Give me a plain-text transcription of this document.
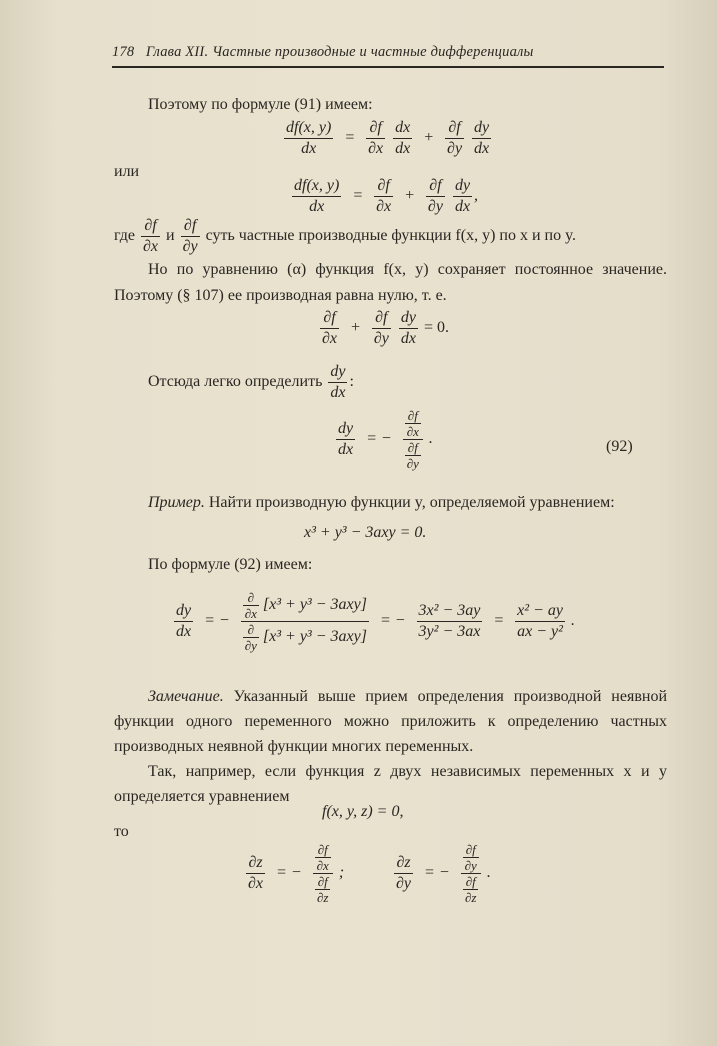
178 Глава XII. Частные производные и частные дифференциалы
Поэтому по формуле (91) имеем:
$\frac{df(x, y)}{dx} = \frac{\partial f}{\partial x}$
$\frac{dx}{dx} + \frac{\partial f}{\partial y}$
$\frac{dy}{dx}$
или
$\frac{df(x, y)}{dx} = \frac{\partial f}{\partial x} + \frac{\partial f}{\partial y}$
$\frac{dy}{dx}$ ,
где $\frac{\partial f}{\partial x}$ и $\frac{\partial f}{\partial y}$ суть частные производные функции f(x, y) по x и по y.
Но по уравнению (α) функция f(x, y) сохраняет постоянное значение. Поэтому (§ 107) ее производная равна нулю, т. е.
$\frac{\partial f}{\partial x} + \frac{\partial f}{\partial y}$
$\frac{dy}{dx} = 0$.
Отсюда легко определить $\frac{dy}{dx}$ :
$\frac{dy}{dx}$ = − $\frac{\frac{\partial f}{\partial x}}{\frac{\partial f}{\partial y}}$ .	(92)
Пример. Найти производную функции y, определяемой уравнением:
x³ + y³ − 3axy = 0.
По формуле (92) имеем:
$\frac{dy}{dx}$ = − $\frac{\frac{\partial}{\partial x} [x^3 + y^3 - 3axy]}{\frac{\partial}{\partial y} [x^3 + y^3 - 3axy]}$ = − $\frac{\text{3x² − 3ay}}{\text{3y² − 3ax}} = \frac{\text{x² − ay}}{\text{ax − y²}}$ .
Замечание. Указанный выше прием определения производной неявной функции одного переменного можно приложить к определению частных производных неявной функции многих переменных.
Так, например, если функция z двух независимых переменных x и y определяется уравнением
f(x, y, z) = 0,
то
$\frac{\partial z}{\partial x}$ = − $\frac{\frac{\partial f}{\partial x}}{\frac{\partial f}{\partial z}}$ ;	$\frac{\partial z}{\partial y}$ = − $\frac{\frac{\partial f}{\partial y}}{\frac{\partial f}{\partial z}}$ .
